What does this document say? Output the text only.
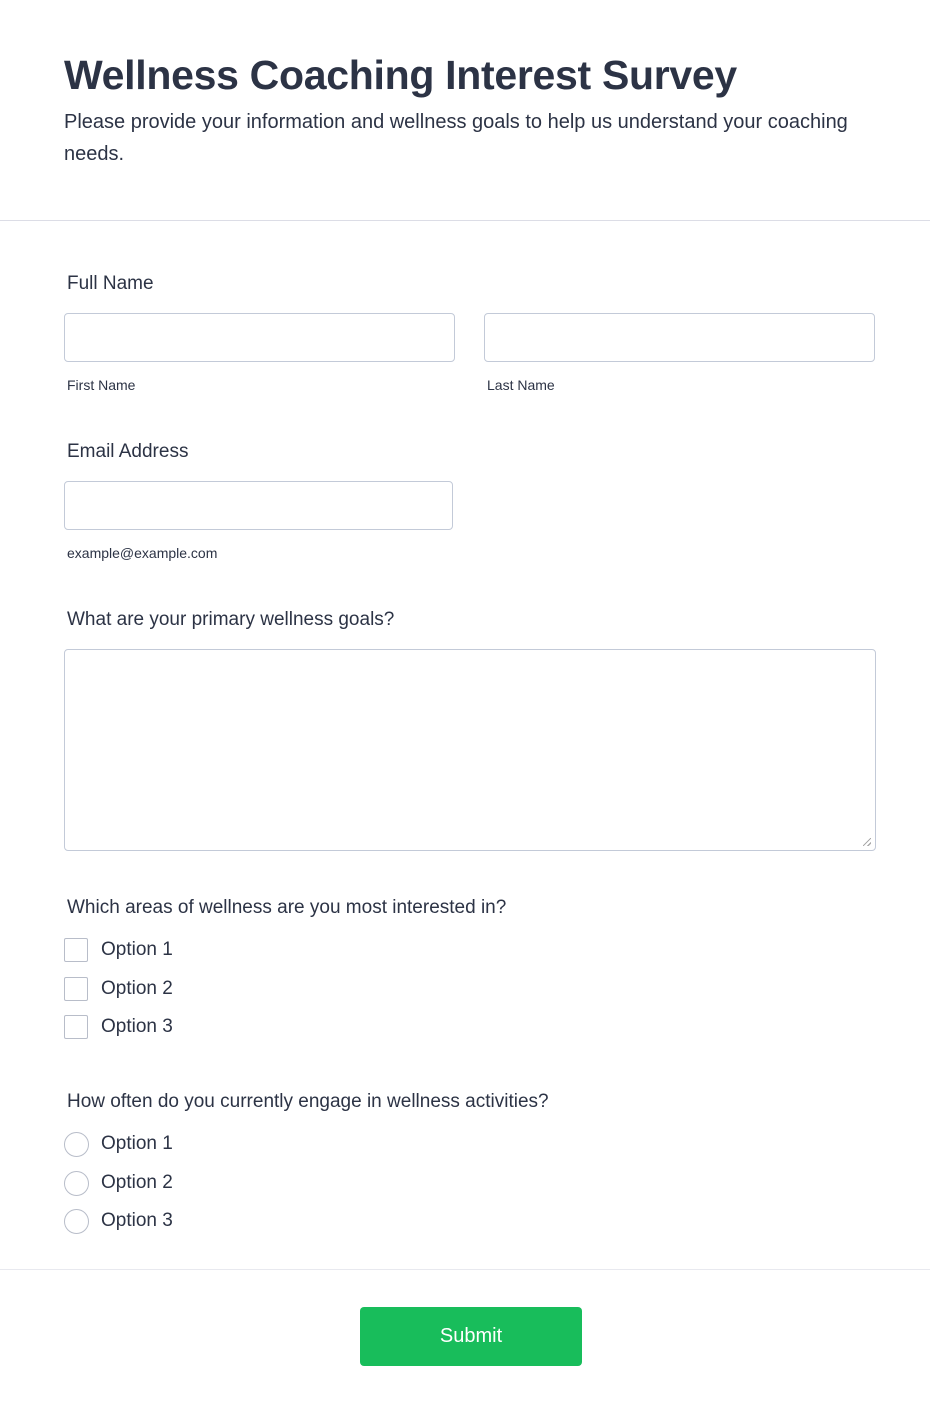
Wellness Coaching Interest Survey

Please provide your information and wellness goals to help us understand your coaching needs.

Full Name
First Name	Last Name
Email Address
example@example.com
What are your primary wellness goals?
Which areas of wellness are you most interested in?
Option 1
Option 2
Option 3
How often do you currently engage in wellness activities?
Option 1
Option 2
Option 3
Submit
